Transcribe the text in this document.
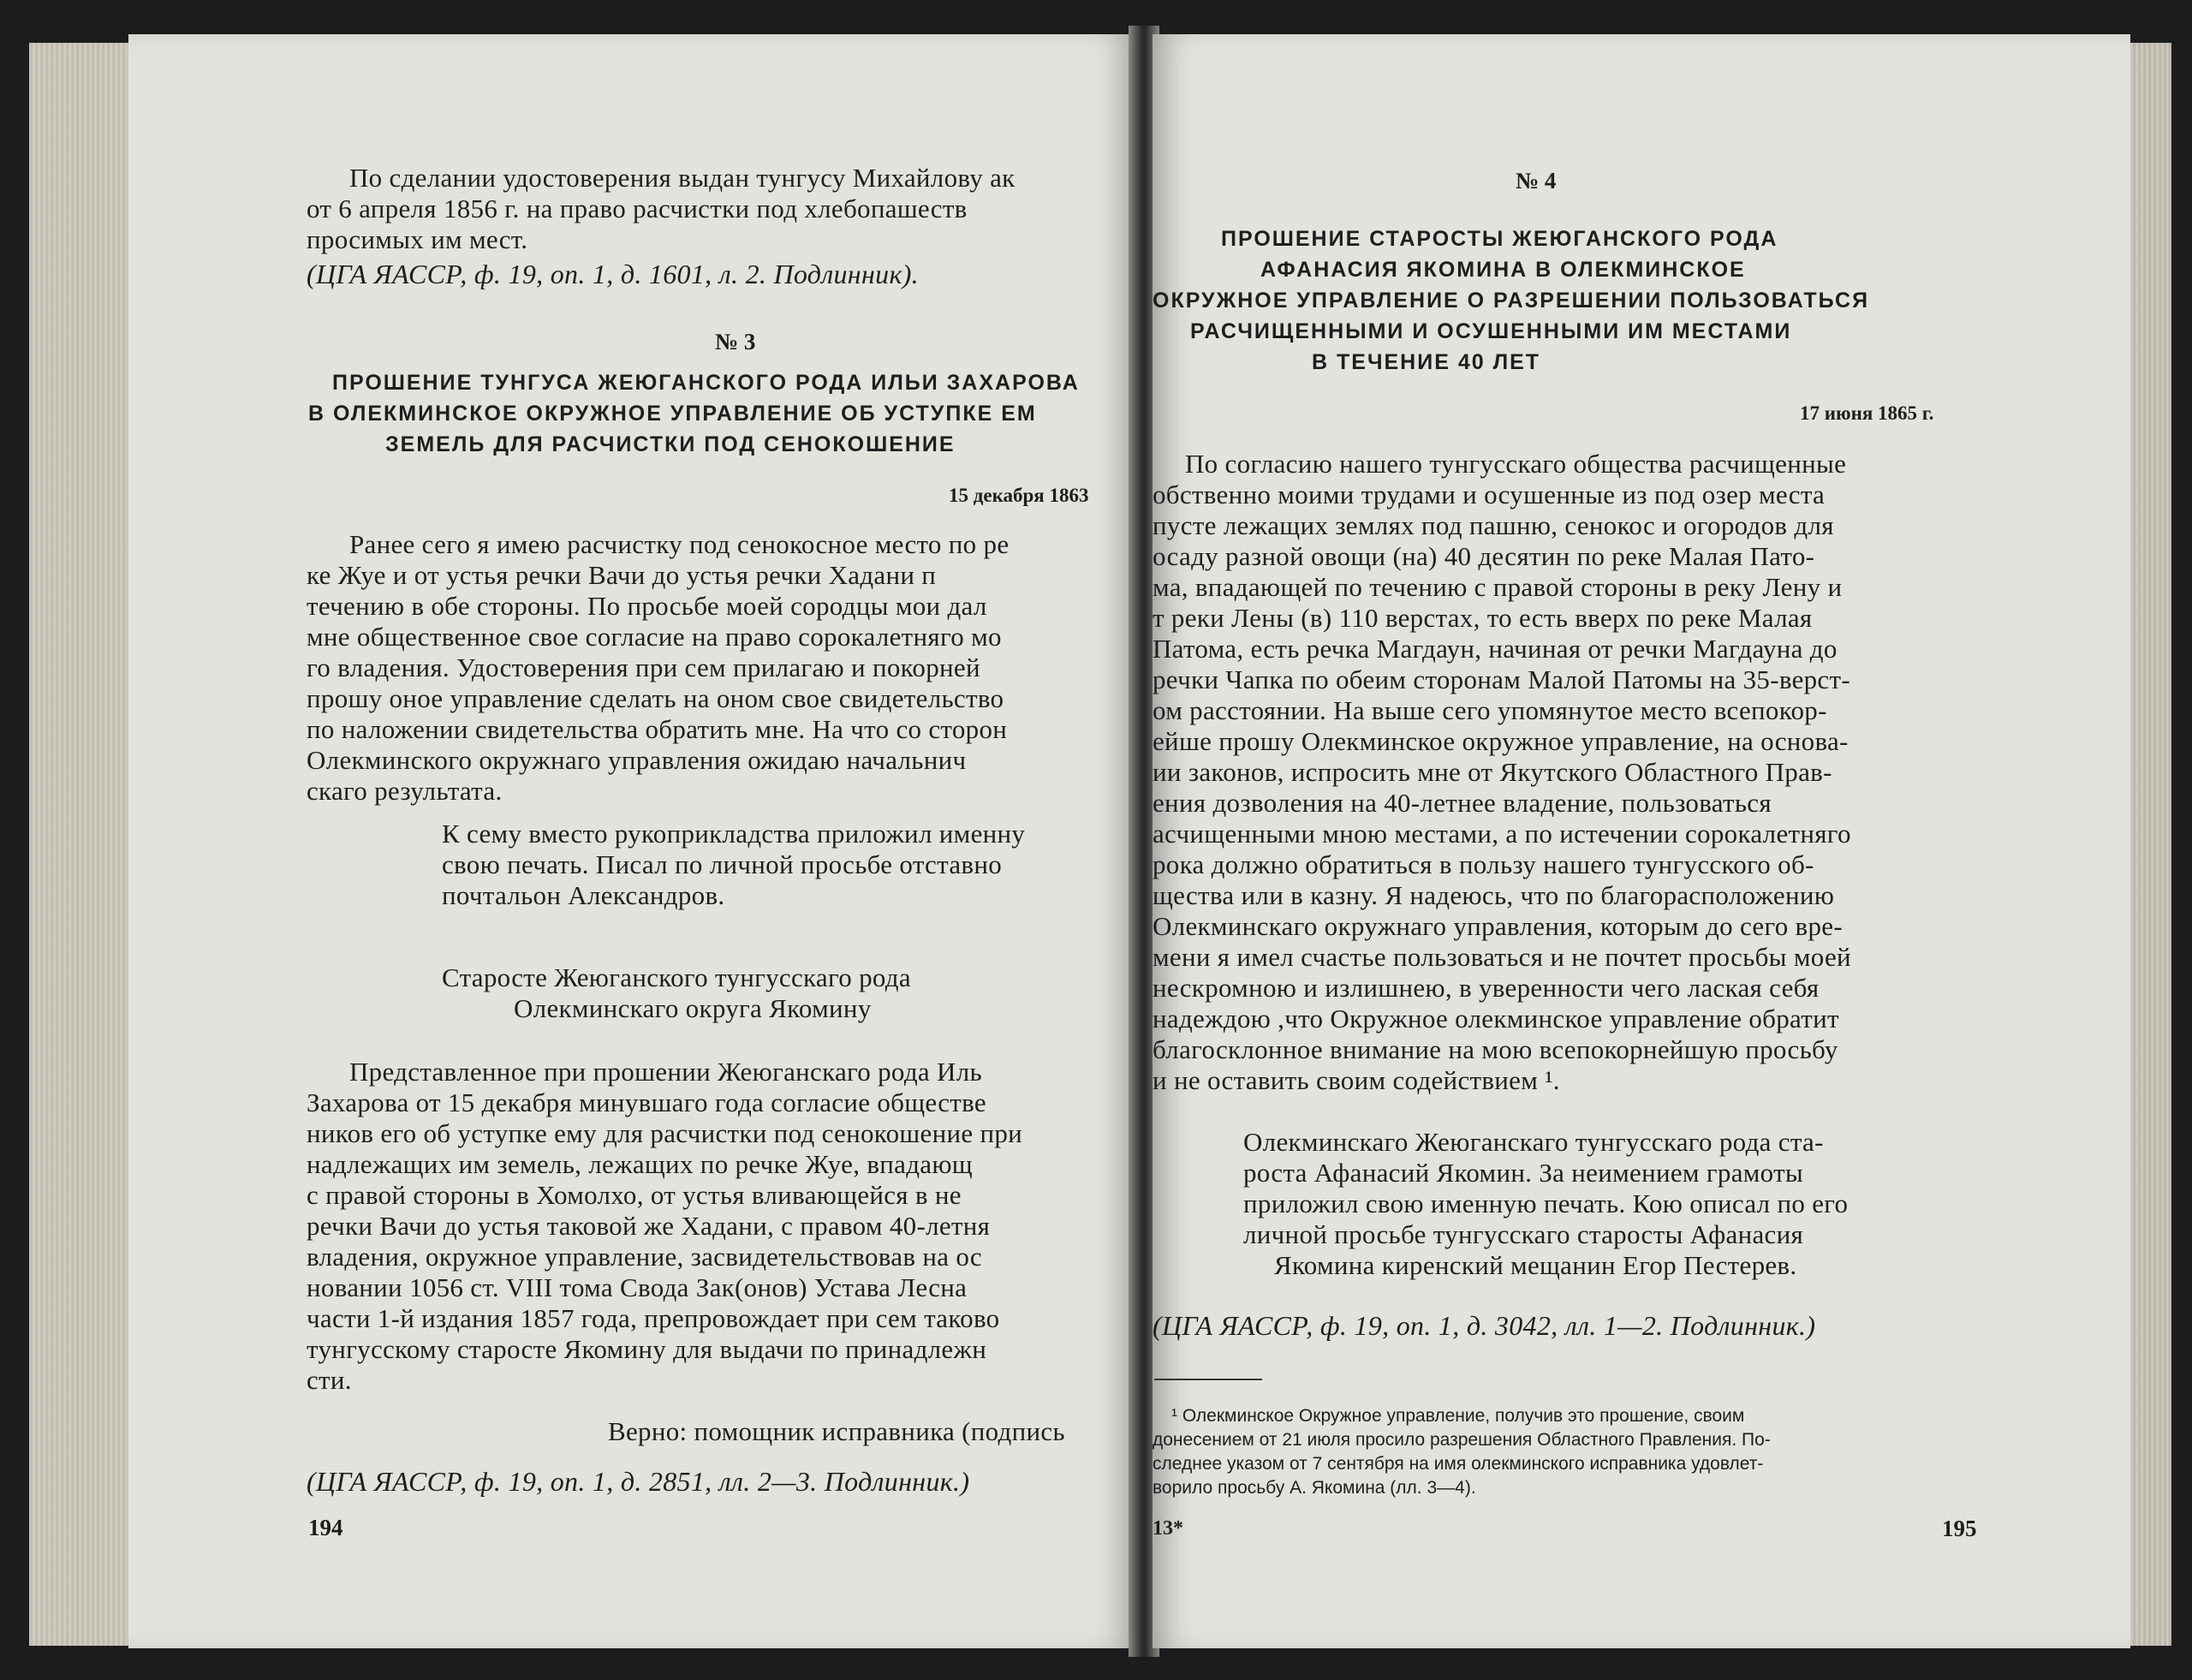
По сделании удостоверения выдан тунгусу Михайлову ак
от 6 апреля 1856 г. на право расчистки под хлебопашеств
просимых им мест.
(ЦГА ЯАССР, ф. 19, оп. 1, д. 1601, л. 2. Подлинник).
№ 3
ПРОШЕНИЕ ТУНГУСА ЖЕЮГАНСКОГО РОДА ИЛЬИ ЗАХАРОВА
В ОЛЕКМИНСКОЕ ОКРУЖНОЕ УПРАВЛЕНИЕ ОБ УСТУПКЕ ЕМ
ЗЕМЕЛЬ ДЛЯ РАСЧИСТКИ ПОД СЕНОКОШЕНИЕ
15 декабря 1863
Ранее сего я имею расчистку под сенокосное место по ре
ке Жуе и от устья речки Вачи до устья речки Хадани п
течению в обе стороны. По просьбе моей сородцы мои дал
мне общественное свое согласие на право сорокалетняго мо
го владения. Удостоверения при сем прилагаю и покорней
прошу оное управление сделать на оном свое свидетельство
по наложении свидетельства обратить мне. На что со сторон
Олекминского окружнаго управления ожидаю начальнич
скаго результата.
К сему вместо рукоприкладства приложил именну
свою печать. Писал по личной просьбе отставно
почтальон Александров.
Старосте Жеюганского тунгусскаго рода
Олекминскаго округа Якомину
Представленное при прошении Жеюганскаго рода Иль
Захарова от 15 декабря минувшаго года согласие обществе
ников его об уступке ему для расчистки под сенокошение при
надлежащих им земель, лежащих по речке Жуе, впадающ
с правой стороны в Хомолхо, от устья вливающейся в не
речки Вачи до устья таковой же Хадани, с правом 40-летня
владения, окружное управление, засвидетельствовав на ос
новании 1056 ст. VIII тома Свода Зак(онов) Устава Лесна
части 1-й издания 1857 года, препровождает при сем таково
тунгусскому старосте Якомину для выдачи по принадлежн
сти.
Верно: помощник исправника (подпись
(ЦГА ЯАССР, ф. 19, оп. 1, д. 2851, лл. 2—3. Подлинник.)
194
№ 4
ПРОШЕНИЕ СТАРОСТЫ ЖЕЮГАНСКОГО РОДА
АФАНАСИЯ ЯКОМИНА В ОЛЕКМИНСКОЕ
ОКРУЖНОЕ УПРАВЛЕНИЕ О РАЗРЕШЕНИИ ПОЛЬЗОВАТЬСЯ
РАСЧИЩЕННЫМИ И ОСУШЕННЫМИ ИМ МЕСТАМИ
В ТЕЧЕНИЕ 40 ЛЕТ
17 июня 1865 г.
По согласию нашего тунгусскаго общества расчищенные
обственно моими трудами и осушенные из под озер места
пусте лежащих землях под пашню, сенокос и огородов для
осаду разной овощи (на) 40 десятин по реке Малая Пато-
ма, впадающей по течению с правой стороны в реку Лену и
т реки Лены (в) 110 верстах, то есть вверх по реке Малая
Патома, есть речка Магдаун, начиная от речки Магдауна до
речки Чапка по обеим сторонам Малой Патомы на 35-верст-
ом расстоянии. На выше сего упомянутое место всепокор-
ейше прошу Олекминское окружное управление, на основа-
ии законов, испросить мне от Якутского Областного Прав-
ения дозволения на 40-летнее владение, пользоваться
асчищенными мною местами, а по истечении сорокалетняго
рока должно обратиться в пользу нашего тунгусского об-
щества или в казну. Я надеюсь, что по благорасположению
Олекминскаго окружнаго управления, которым до сего вре-
мени я имел счастье пользоваться и не почтет просьбы моей
нескромною и излишнею, в уверенности чего лаская себя
надеждою ,что Окружное олекминское управление обратит
благосклонное внимание на мою всепокорнейшую просьбу
и не оставить своим содействием ¹.
Олекминскаго Жеюганскаго тунгусскаго рода ста-
роста Афанасий Якомин. За неимением грамоты
приложил свою именную печать. Кою описал по его
личной просьбе тунгусскаго старосты Афанасия
Якомина киренский мещанин Егор Пестерев.
(ЦГА ЯАССР, ф. 19, оп. 1, д. 3042, лл. 1—2. Подлинник.)
¹ Олекминское Окружное управление, получив это прошение, своим
донесением от 21 июля просило разрешения Областного Правления. По-
следнее указом от 7 сентября на имя олекминского исправника удовлет-
ворило просьбу А. Якомина (лл. 3—4).
13*	195
